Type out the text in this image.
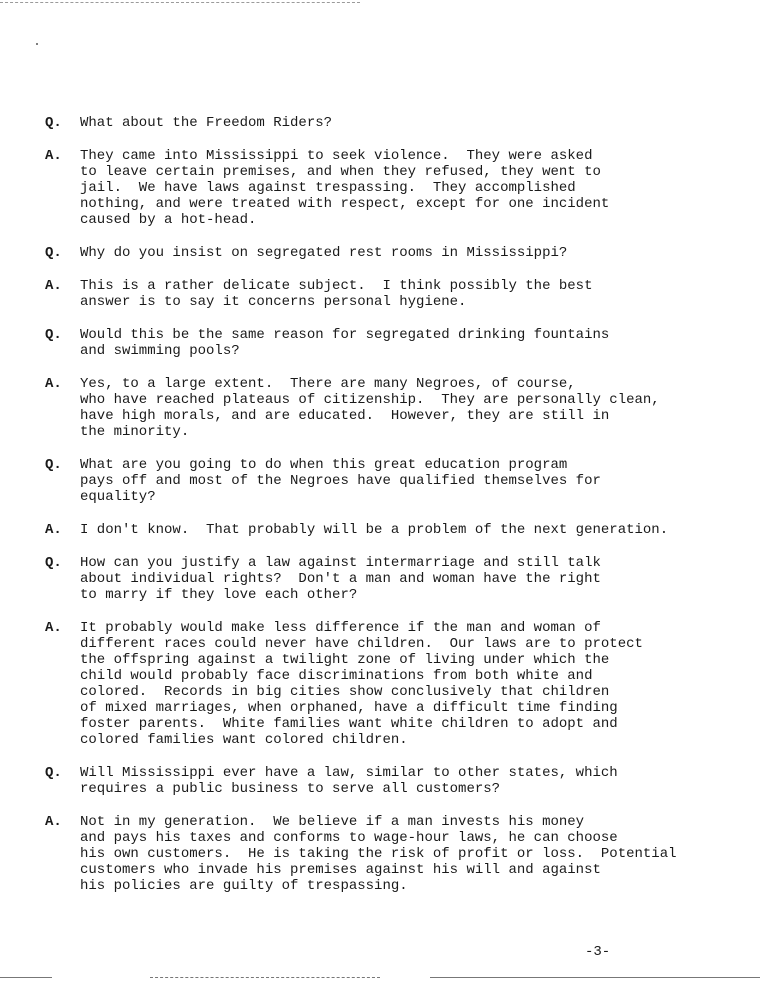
Q. What about the Freedom Riders?
A. They came into Mississippi to seek violence.  They were asked
to leave certain premises, and when they refused, they went to
jail.  We have laws against trespassing.  They accomplished
nothing, and were treated with respect, except for one incident
caused by a hot-head.
Q. Why do you insist on segregated rest rooms in Mississippi?
A. This is a rather delicate subject.  I think possibly the best
answer is to say it concerns personal hygiene.
Q. Would this be the same reason for segregated drinking fountains
and swimming pools?
A. Yes, to a large extent.  There are many Negroes, of course,
who have reached plateaus of citizenship.  They are personally clean,
have high morals, and are educated.  However, they are still in
the minority.
Q. What are you going to do when this great education program
pays off and most of the Negroes have qualified themselves for
equality?
A. I don't know.  That probably will be a problem of the next generation.
Q. How can you justify a law against intermarriage and still talk
about individual rights?  Don't a man and woman have the right
to marry if they love each other?
A. It probably would make less difference if the man and woman of
different races could never have children.  Our laws are to protect
the offspring against a twilight zone of living under which the
child would probably face discriminations from both white and
colored.  Records in big cities show conclusively that children
of mixed marriages, when orphaned, have a difficult time finding
foster parents.  White families want white children to adopt and
colored families want colored children.
Q. Will Mississippi ever have a law, similar to other states, which
requires a public business to serve all customers?
A. Not in my generation.  We believe if a man invests his money
and pays his taxes and conforms to wage-hour laws, he can choose
his own customers.  He is taking the risk of profit or loss.  Potential
customers who invade his premises against his will and against
his policies are guilty of trespassing.
-3-
